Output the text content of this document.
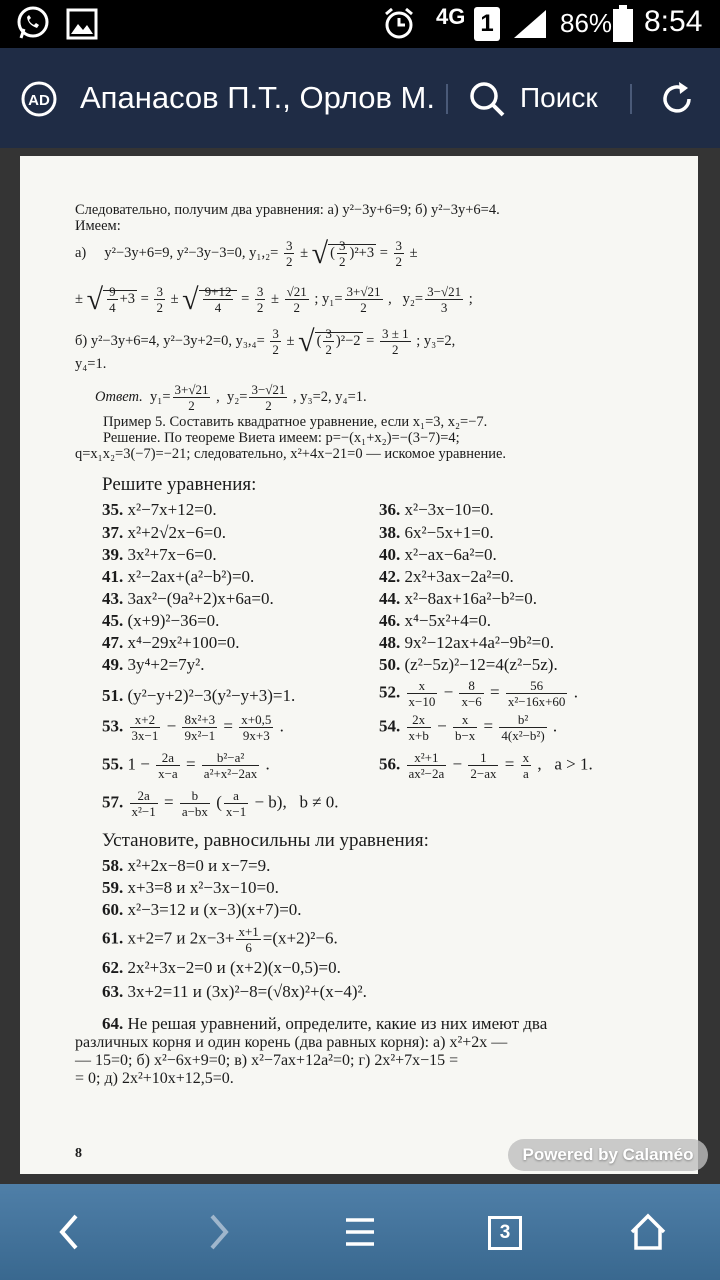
4G 1	86% 8:54
AD Апанасов П.Т., Орлов М.	Поиск
Следовательно, получим два уравнения: а) y²−3y+6=9; б) y²−3y+6=4.
Имеем:
а) y²−3y+6=9, y²−3y−3=0, $y_1,_2= \frac{3}{2}$ ± √ ( $\frac{3}{2} )^2+3 = \frac{3}{2}$ ±
± √ $\frac{9}{4} +3 = \frac{3}{2}$ ± √ $\frac{9+12}{4} = \frac{3}{2} \pm \frac{√21}{2}$ ; $y_1= \frac{3+√21}{2}$ ,   $y_2= \frac{3-√21}{3}$ ;
б) y²−3y+6=4, y²−3y+2=0, $y_3,_4= \frac{3}{2}$ ± √ ( $\frac{3}{2} )^2-2 = \frac{3 \pm 1}{2}$ ; y₃=2,
y₄=1.
Ответ. $y_1= \frac{3+√21}{2}$ ,  $y_2= \frac{3-√21}{2}$ , y₃=2, y₄=1.
Пример 5. Составить квадратное уравнение, если x₁=3, x₂=−7.
Решение. По теореме Виета имеем: p=−(x₁+x₂)=−(3−7)=4;
q=x₁x₂=3(−7)=−21; следовательно, x²+4x−21=0 — искомое уравнение.
Решите уравнения:
35. x²−7x+12=0.
37. x²+2√2x−6=0.
39. 3x²+7x−6=0.
41. x²−2ax+(a²−b²)=0.
43. 3ax²−(9a²+2)x+6a=0.
45. (x+9)²−36=0.
47. x⁴−29x²+100=0.
49. 3y⁴+2=7y².
36. x²−3x−10=0.
38. 6x²−5x+1=0.
40. x²−ax−6a²=0.
42. 2x²+3ax−2a²=0.
44. x²−8ax+16a²−b²=0.
46. x⁴−5x²+4=0.
48. 9x²−12ax+4a²−9b²=0.
50. (z²−5z)²−12=4(z²−5z).
51. (y²−y+2)²−3(y²−y+3)=1.	52. $\frac{x}{x-10} - \frac{8}{x-6} = \frac{56}{\text{x²−16x+60}}$ .
53. $\frac{x+2}{3x-1} - \frac{\text{8x²+3}}{\text{9x²−1}} = \frac{x+0,5}{9x+3}$ .	54. $\frac{2x}{x+b} - \frac{x}{b-x} = \frac{\text{b²}}{\text{4(x²−b²)}}$ .
55. $1 - \frac{2a}{x-a} = \frac{\text{b²−a²}}{\text{a²+x²−2ax}}$ .	56. $\frac{\text{x²+1}}{\text{ax²−2a}} - \frac{1}{2-ax} = \frac{x}{a}$ ,   a > 1.
57. $\frac{2a}{\text{x²−1}} = \frac{b}{a-bx}$ ( $\frac{a}{x-1} - b$),   b ≠ 0.
Установите, равносильны ли уравнения:
58. x²+2x−8=0 и x−7=9.
59. x+3=8 и x²−3x−10=0.
60. x²−3=12 и (x−3)(x+7)=0.
61. x+2=7 и $2x-3+ \frac{x+1}{6} =(x+2)^2-6$.
62. 2x²+3x−2=0 и (x+2)(x−0,5)=0.
63. 3x+2=11 и (3x)²−8=(√8x)²+(x−4)².
64. Не решая уравнений, определите, какие из них имеют два
различных корня и один корень (два равных корня): а) x²+2x —
— 15=0; б) x²−6x+9=0; в) x²−7ax+12a²=0; г) 2x²+7x−15 =
= 0; д) 2x²+10x+12,5=0.
8	Powered by Calaméo
3
